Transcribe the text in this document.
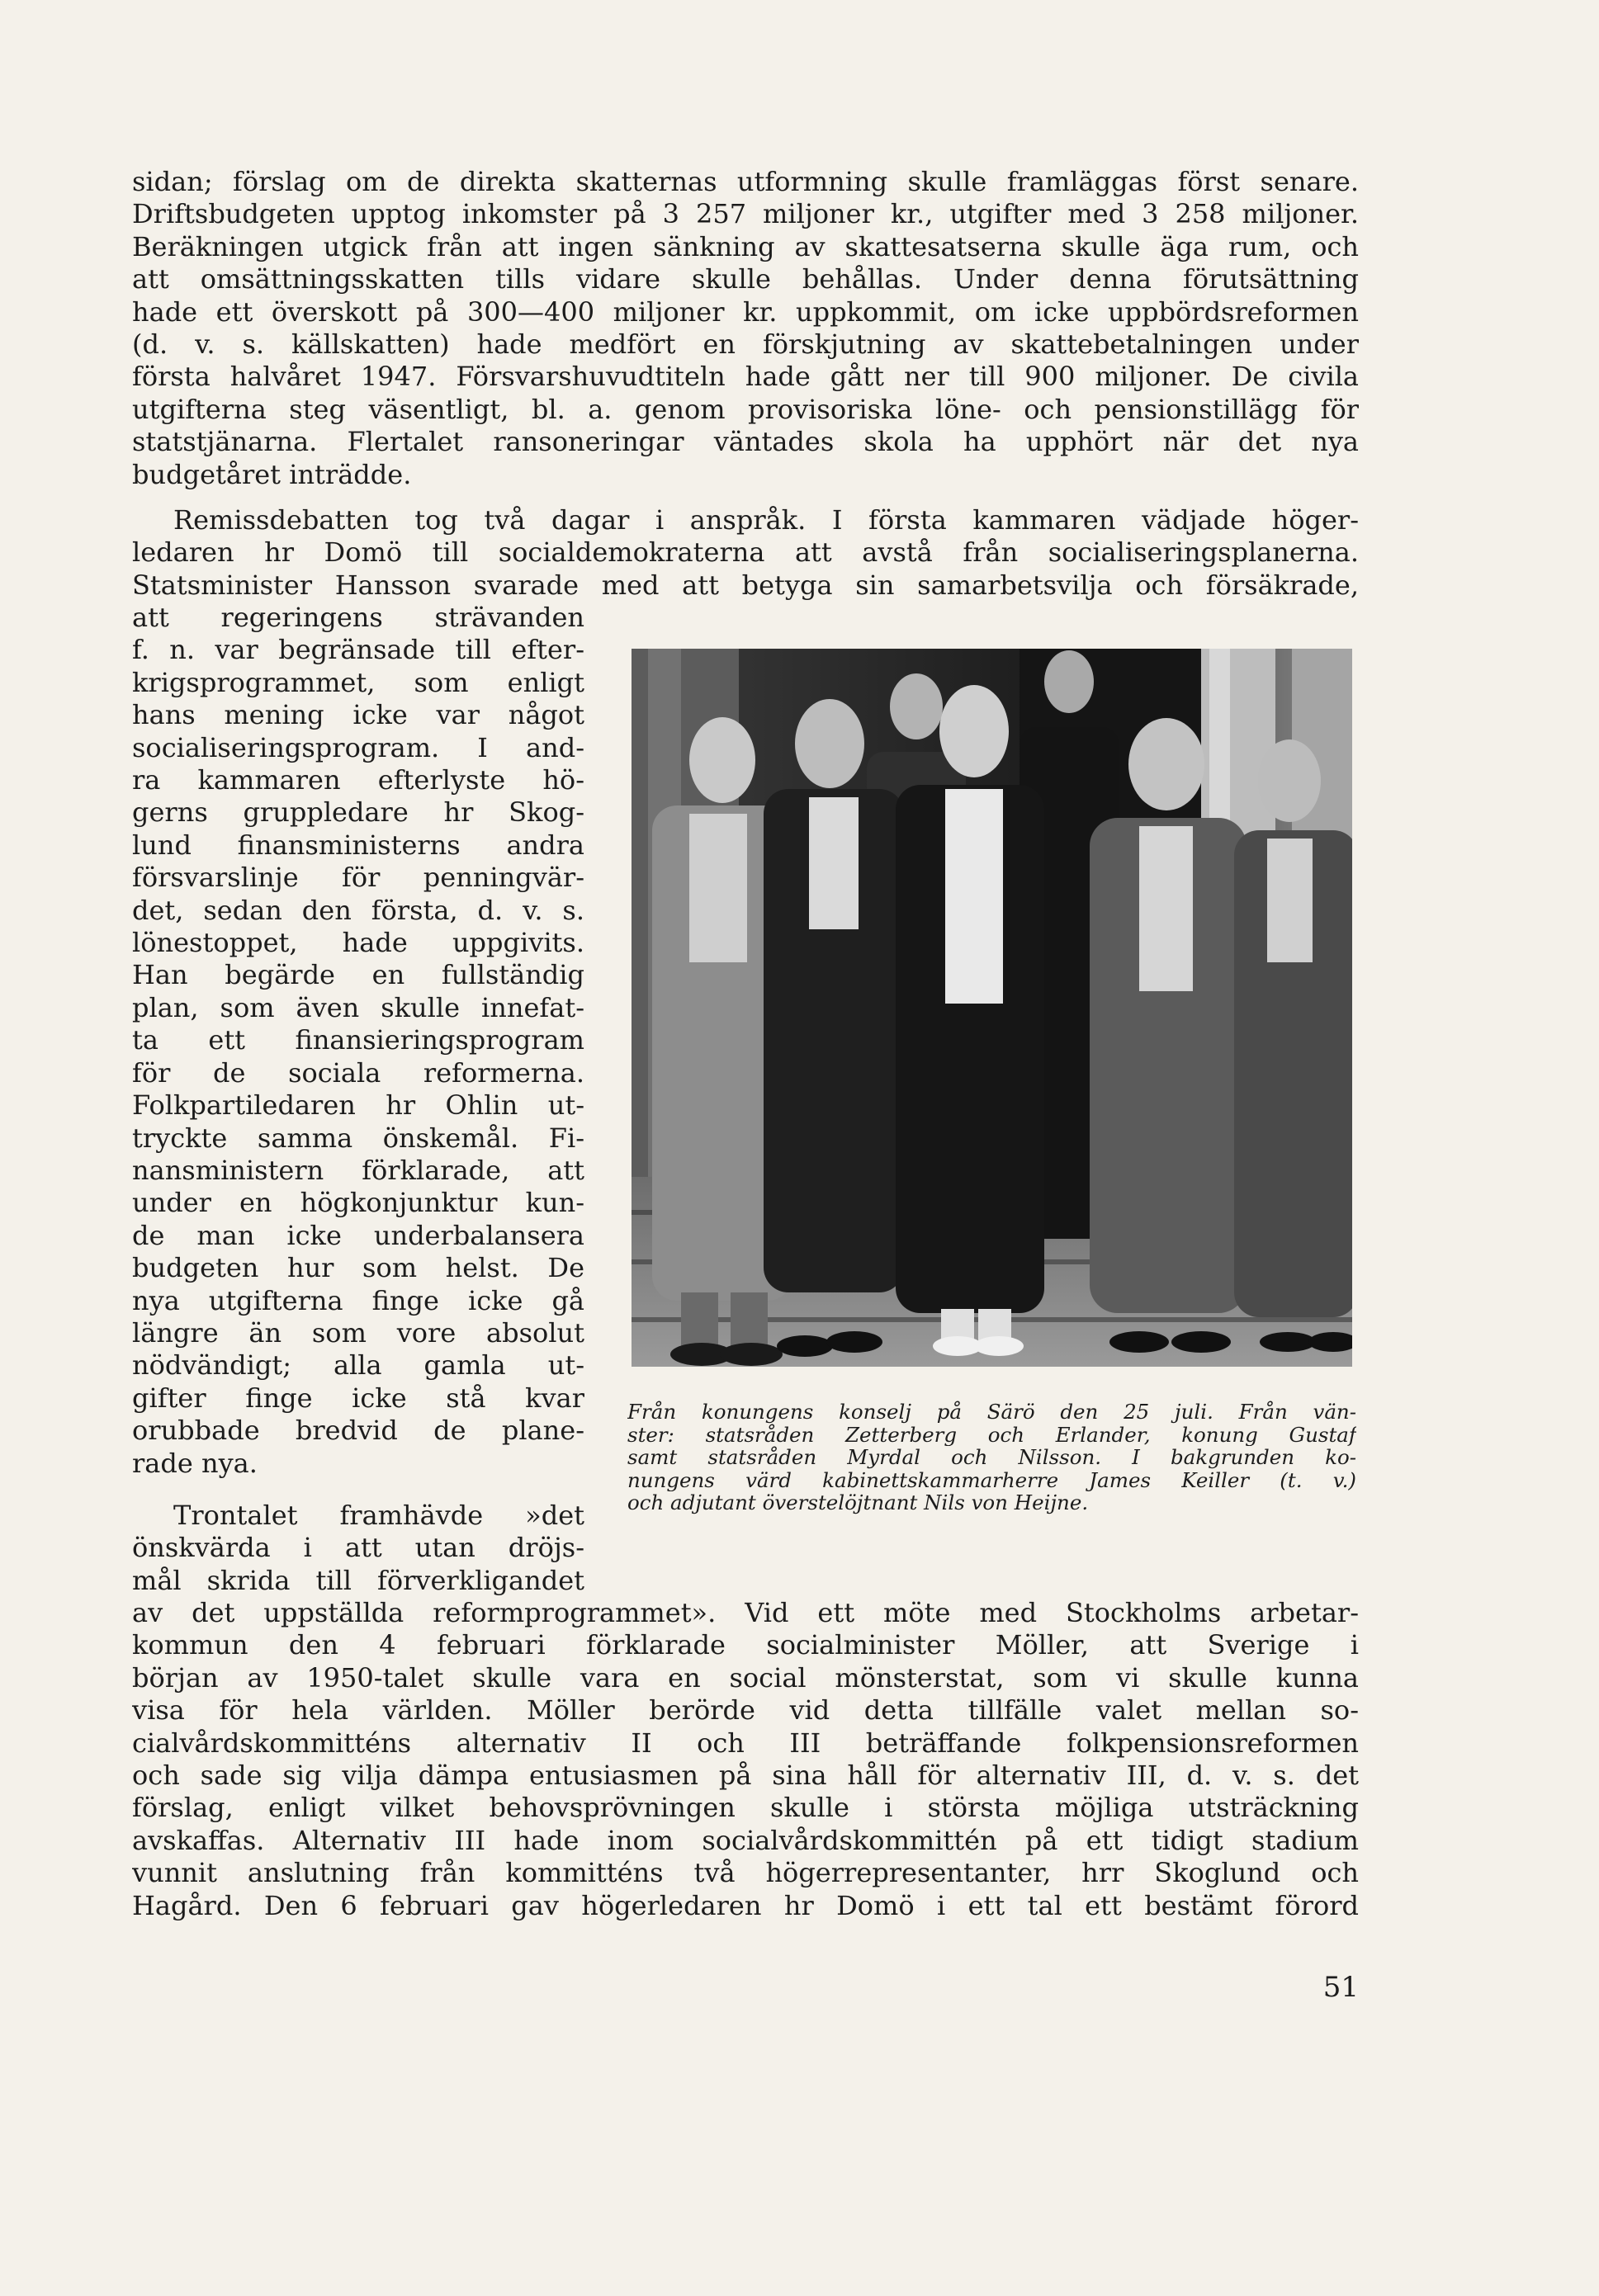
sidan; förslag om de direkta skatternas utformning skulle framläggas först senare.
Driftsbudgeten upptog inkomster på 3 257 miljoner kr., utgifter med 3 258 miljoner.
Beräkningen utgick från att ingen sänkning av skattesatserna skulle äga rum, och
att omsättningsskatten tills vidare skulle behållas. Under denna förutsättning
hade ett överskott på 300—400 miljoner kr. uppkommit, om icke uppbördsreformen
(d. v. s. källskatten) hade medfört en förskjutning av skattebetalningen under
första halvåret 1947. Försvarshuvudtiteln hade gått ner till 900 miljoner. De civila
utgifterna steg väsentligt, bl. a. genom provisoriska löne- och pensionstillägg för
statstjänarna. Flertalet ransoneringar väntades skola ha upphört när det nya
budgetåret inträdde.
Remissdebatten tog två dagar i anspråk. I första kammaren vädjade höger-
ledaren hr Domö till socialdemokraterna att avstå från socialiseringsplanerna.
Statsminister Hansson svarade med att betyga sin samarbetsvilja och försäkrade,
att regeringens strävanden
f. n. var begränsade till efter-
krigsprogrammet, som enligt
hans mening icke var något
socialiseringsprogram. I and-
ra kammaren efterlyste hö-
gerns gruppledare hr Skog-
lund finansministerns andra
försvarslinje för penningvär-
det, sedan den första, d. v. s.
lönestoppet, hade uppgivits.
Han begärde en fullständig
plan, som även skulle innefat-
ta ett finansieringsprogram
för de sociala reformerna.
Folkpartiledaren hr Ohlin ut-
tryckte samma önskemål. Fi-
nansministern förklarade, att
under en högkonjunktur kun-
de man icke underbalansera
budgeten hur som helst. De
nya utgifterna finge icke gå
längre än som vore absolut
nödvändigt; alla gamla ut-
gifter finge icke stå kvar
orubbade bredvid de plane-
rade nya.
Trontalet framhävde »det
önskvärda i att utan dröjs-
mål skrida till förverkligandet
av det uppställda reformprogrammet». Vid ett möte med Stockholms arbetar-
kommun den 4 februari förklarade socialminister Möller, att Sverige i
början av 1950-talet skulle vara en social mönsterstat, som vi skulle kunna
visa för hela världen. Möller berörde vid detta tillfälle valet mellan so-
cialvårdskommitténs alternativ II och III beträffande folkpensionsreformen
och sade sig vilja dämpa entusiasmen på sina håll för alternativ III, d. v. s. det
förslag, enligt vilket behovsprövningen skulle i största möjliga utsträckning
avskaffas. Alternativ III hade inom socialvårdskommittén på ett tidigt stadium
vunnit anslutning från kommitténs två högerrepresentanter, hrr Skoglund och
Hagård. Den 6 februari gav högerledaren hr Domö i ett tal ett bestämt förord
Från konungens konselj på Särö den 25 juli. Från vän-
ster: statsråden Zetterberg och Erlander, konung Gustaf
samt statsråden Myrdal och Nilsson. I bakgrunden ko-
nungens värd kabinettskammarherre James Keiller (t. v.)
och adjutant överstelöjtnant Nils von Heijne.
51
